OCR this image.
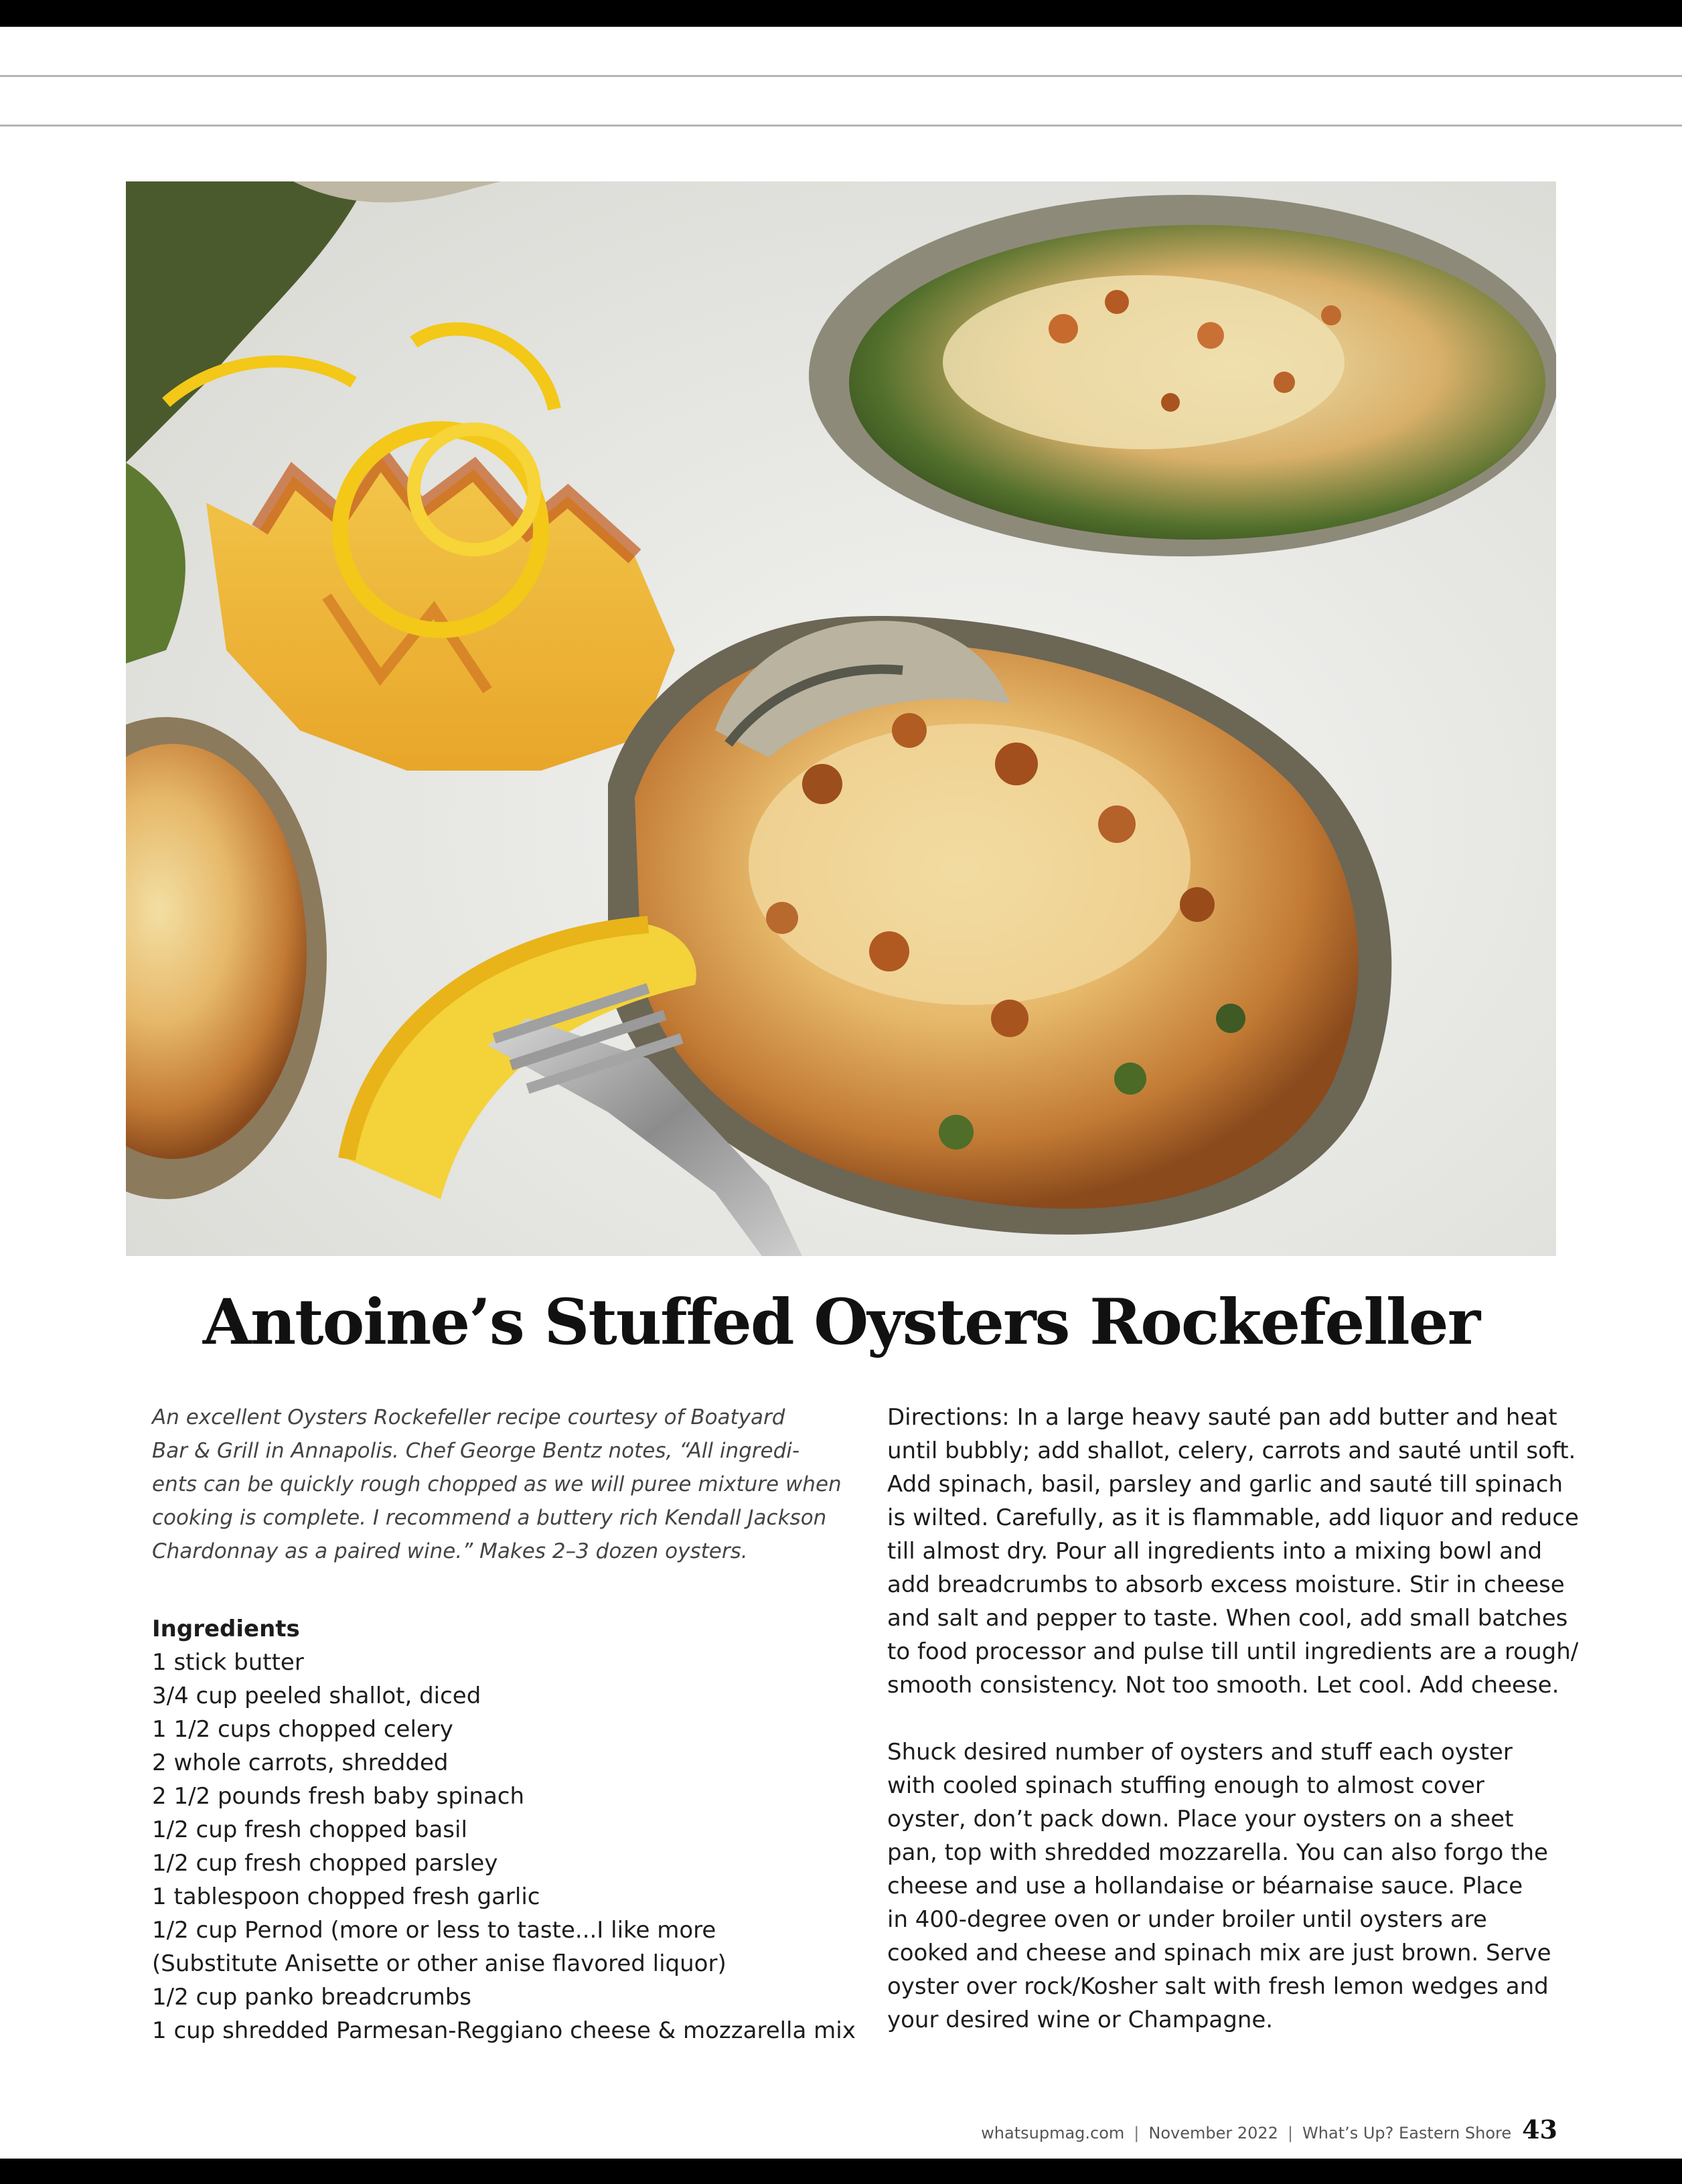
Antoine’s Stuffed Oysters Rockefeller
An excellent Oysters Rockefeller recipe courtesy of Boatyard
Bar & Grill in Annapolis. Chef George Bentz notes, “All ingredi-
ents can be quickly rough chopped as we will puree mixture when
cooking is complete. I recommend a buttery rich Kendall Jackson
Chardonnay as a paired wine.” Makes 2–3 dozen oysters.
Ingredients
1 stick butter
3/4 cup peeled shallot, diced
1 1/2 cups chopped celery
2 whole carrots, shredded
2 1/2 pounds fresh baby spinach
1/2 cup fresh chopped basil
1/2 cup fresh chopped parsley
1 tablespoon chopped fresh garlic
1/2 cup Pernod (more or less to taste...I like more
(Substitute Anisette or other anise flavored liquor)
1/2 cup panko breadcrumbs
1 cup shredded Parmesan-Reggiano cheese & mozzarella mix
Directions: In a large heavy sauté pan add butter and heat
until bubbly; add shallot, celery, carrots and sauté until soft.
Add spinach, basil, parsley and garlic and sauté till spinach
is wilted. Carefully, as it is flammable, add liquor and reduce
till almost dry. Pour all ingredients into a mixing bowl and
add breadcrumbs to absorb excess moisture. Stir in cheese
and salt and pepper to taste. When cool, add small batches
to food processor and pulse till until ingredients are a rough/
smooth consistency. Not too smooth. Let cool. Add cheese.
Shuck desired number of oysters and stuff each oyster
with cooled spinach stuffing enough to almost cover
oyster, don’t pack down. Place your oysters on a sheet
pan, top with shredded mozzarella. You can also forgo the
cheese and use a hollandaise or béarnaise sauce. Place
in 400-degree oven or under broiler until oysters are
cooked and cheese and spinach mix are just brown. Serve
oyster over rock/Kosher salt with fresh lemon wedges and
your desired wine or Champagne.
whatsupmag.com | November 2022 | What’s Up? Eastern Shore 43
